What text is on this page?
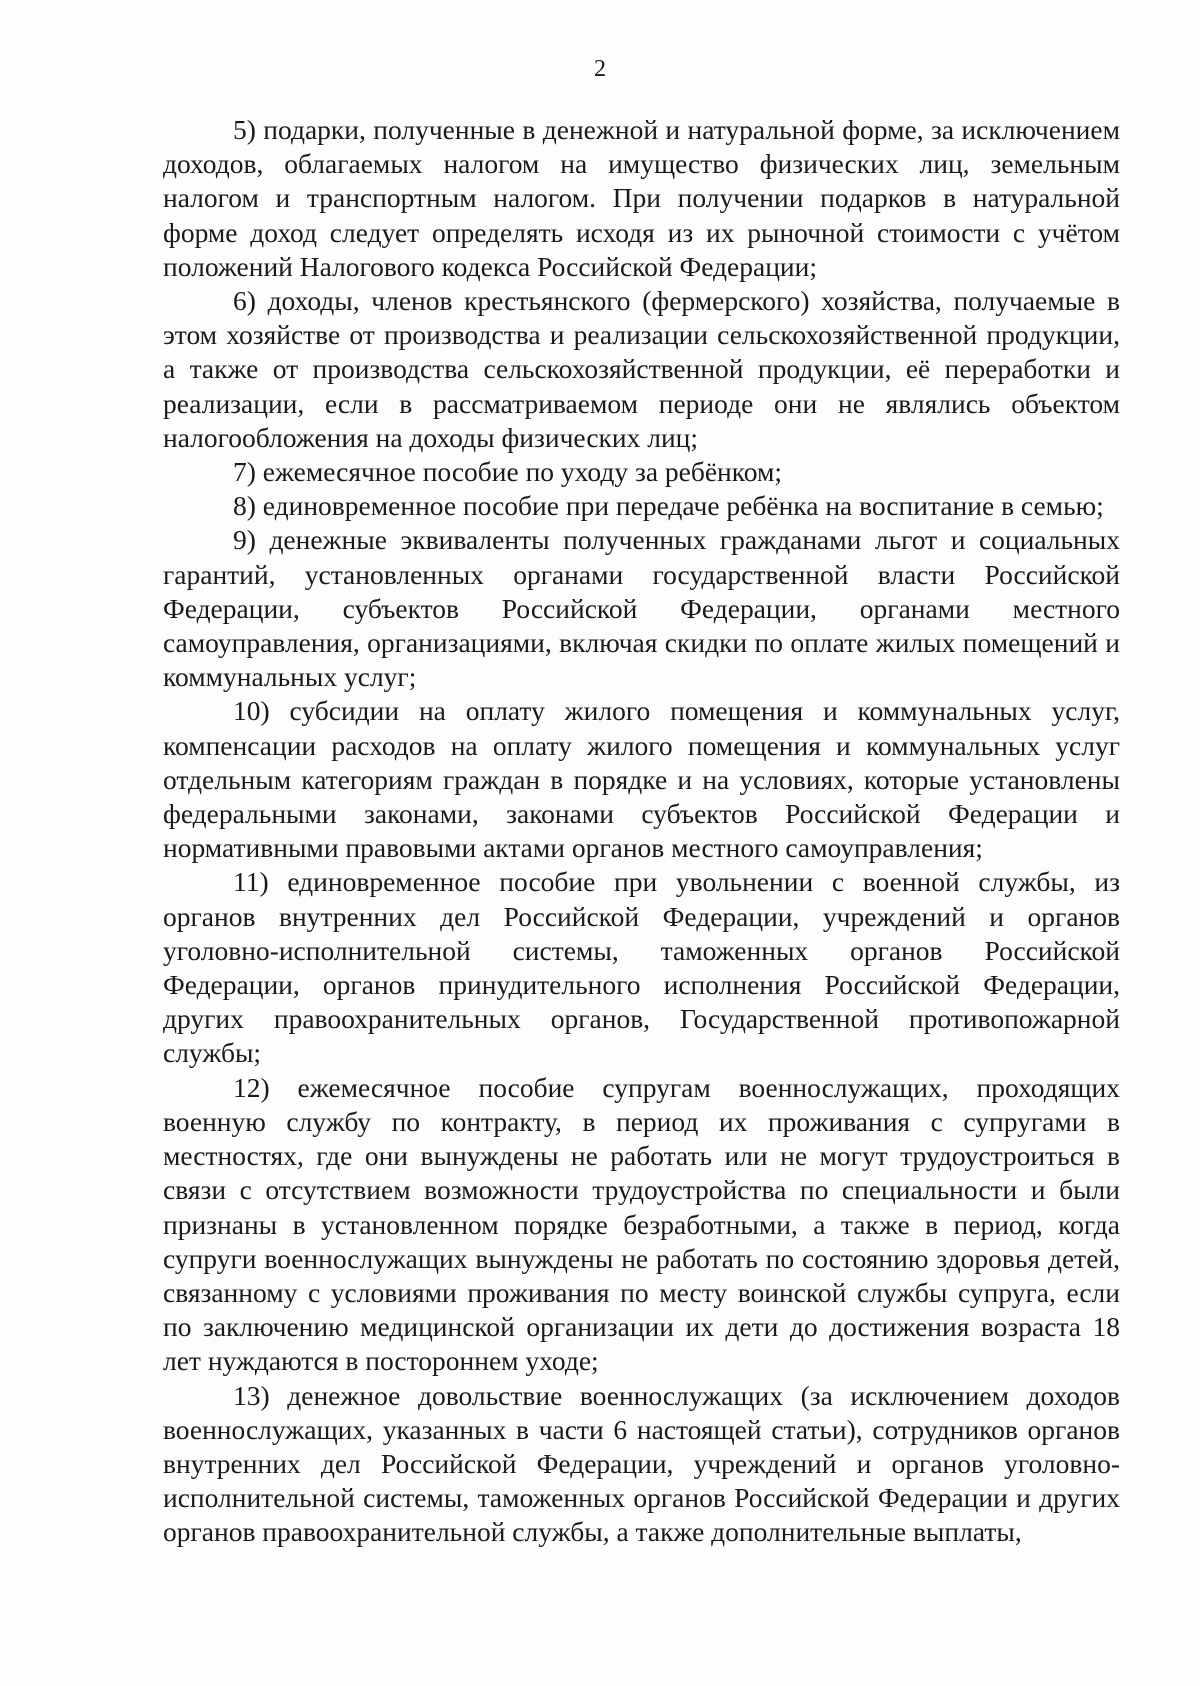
2

5) подарки, полученные в денежной и натуральной форме, за исключением доходов, облагаемых налогом на имущество физических лиц, земельным налогом и транспортным налогом. При получении подарков в натуральной форме доход следует определять исходя из их рыночной стоимости с учётом положений Налогового кодекса Российской Федерации;

6) доходы, членов крестьянского (фермерского) хозяйства, получаемые в этом хозяйстве от производства и реализации сельскохозяйственной продукции, а также от производства сельскохозяйственной продукции, её переработки и реализации, если в рассматриваемом периоде они не являлись объектом налогообложения на доходы физических лиц;

7) ежемесячное пособие по уходу за ребёнком;

8) единовременное пособие при передаче ребёнка на воспитание в семью;

9) денежные эквиваленты полученных гражданами льгот и социальных гарантий, установленных органами государственной власти Российской Федерации, субъектов Российской Федерации, органами местного самоуправления, организациями, включая скидки по оплате жилых помещений и коммунальных услуг;

10) субсидии на оплату жилого помещения и коммунальных услуг, компенсации расходов на оплату жилого помещения и коммунальных услуг отдельным категориям граждан в порядке и на условиях, которые установлены федеральными законами, законами субъектов Российской Федерации и нормативными правовыми актами органов местного самоуправления;

11) единовременное пособие при увольнении с военной службы, из органов внутренних дел Российской Федерации, учреждений и органов уголовно-исполнительной системы, таможенных органов Российской Федерации, органов принудительного исполнения Российской Федерации, других правоохранительных органов, Государственной противопожарной службы;

12) ежемесячное пособие супругам военнослужащих, проходящих военную службу по контракту, в период их проживания с супругами в местностях, где они вынуждены не работать или не могут трудоустроиться в связи с отсутствием возможности трудоустройства по специальности и были признаны в установленном порядке безработными, а также в период, когда супруги военнослужащих вынуждены не работать по состоянию здоровья детей, связанному с условиями проживания по месту воинской службы супруга, если по заключению медицинской организации их дети до достижения возраста 18 лет нуждаются в постороннем уходе;

13) денежное довольствие военнослужащих (за исключением доходов военнослужащих, указанных в части 6 настоящей статьи), сотрудников органов внутренних дел Российской Федерации, учреждений и органов уголовно-исполнительной системы, таможенных органов Российской Федерации и других органов правоохранительной службы, а также дополнительные выплаты,
